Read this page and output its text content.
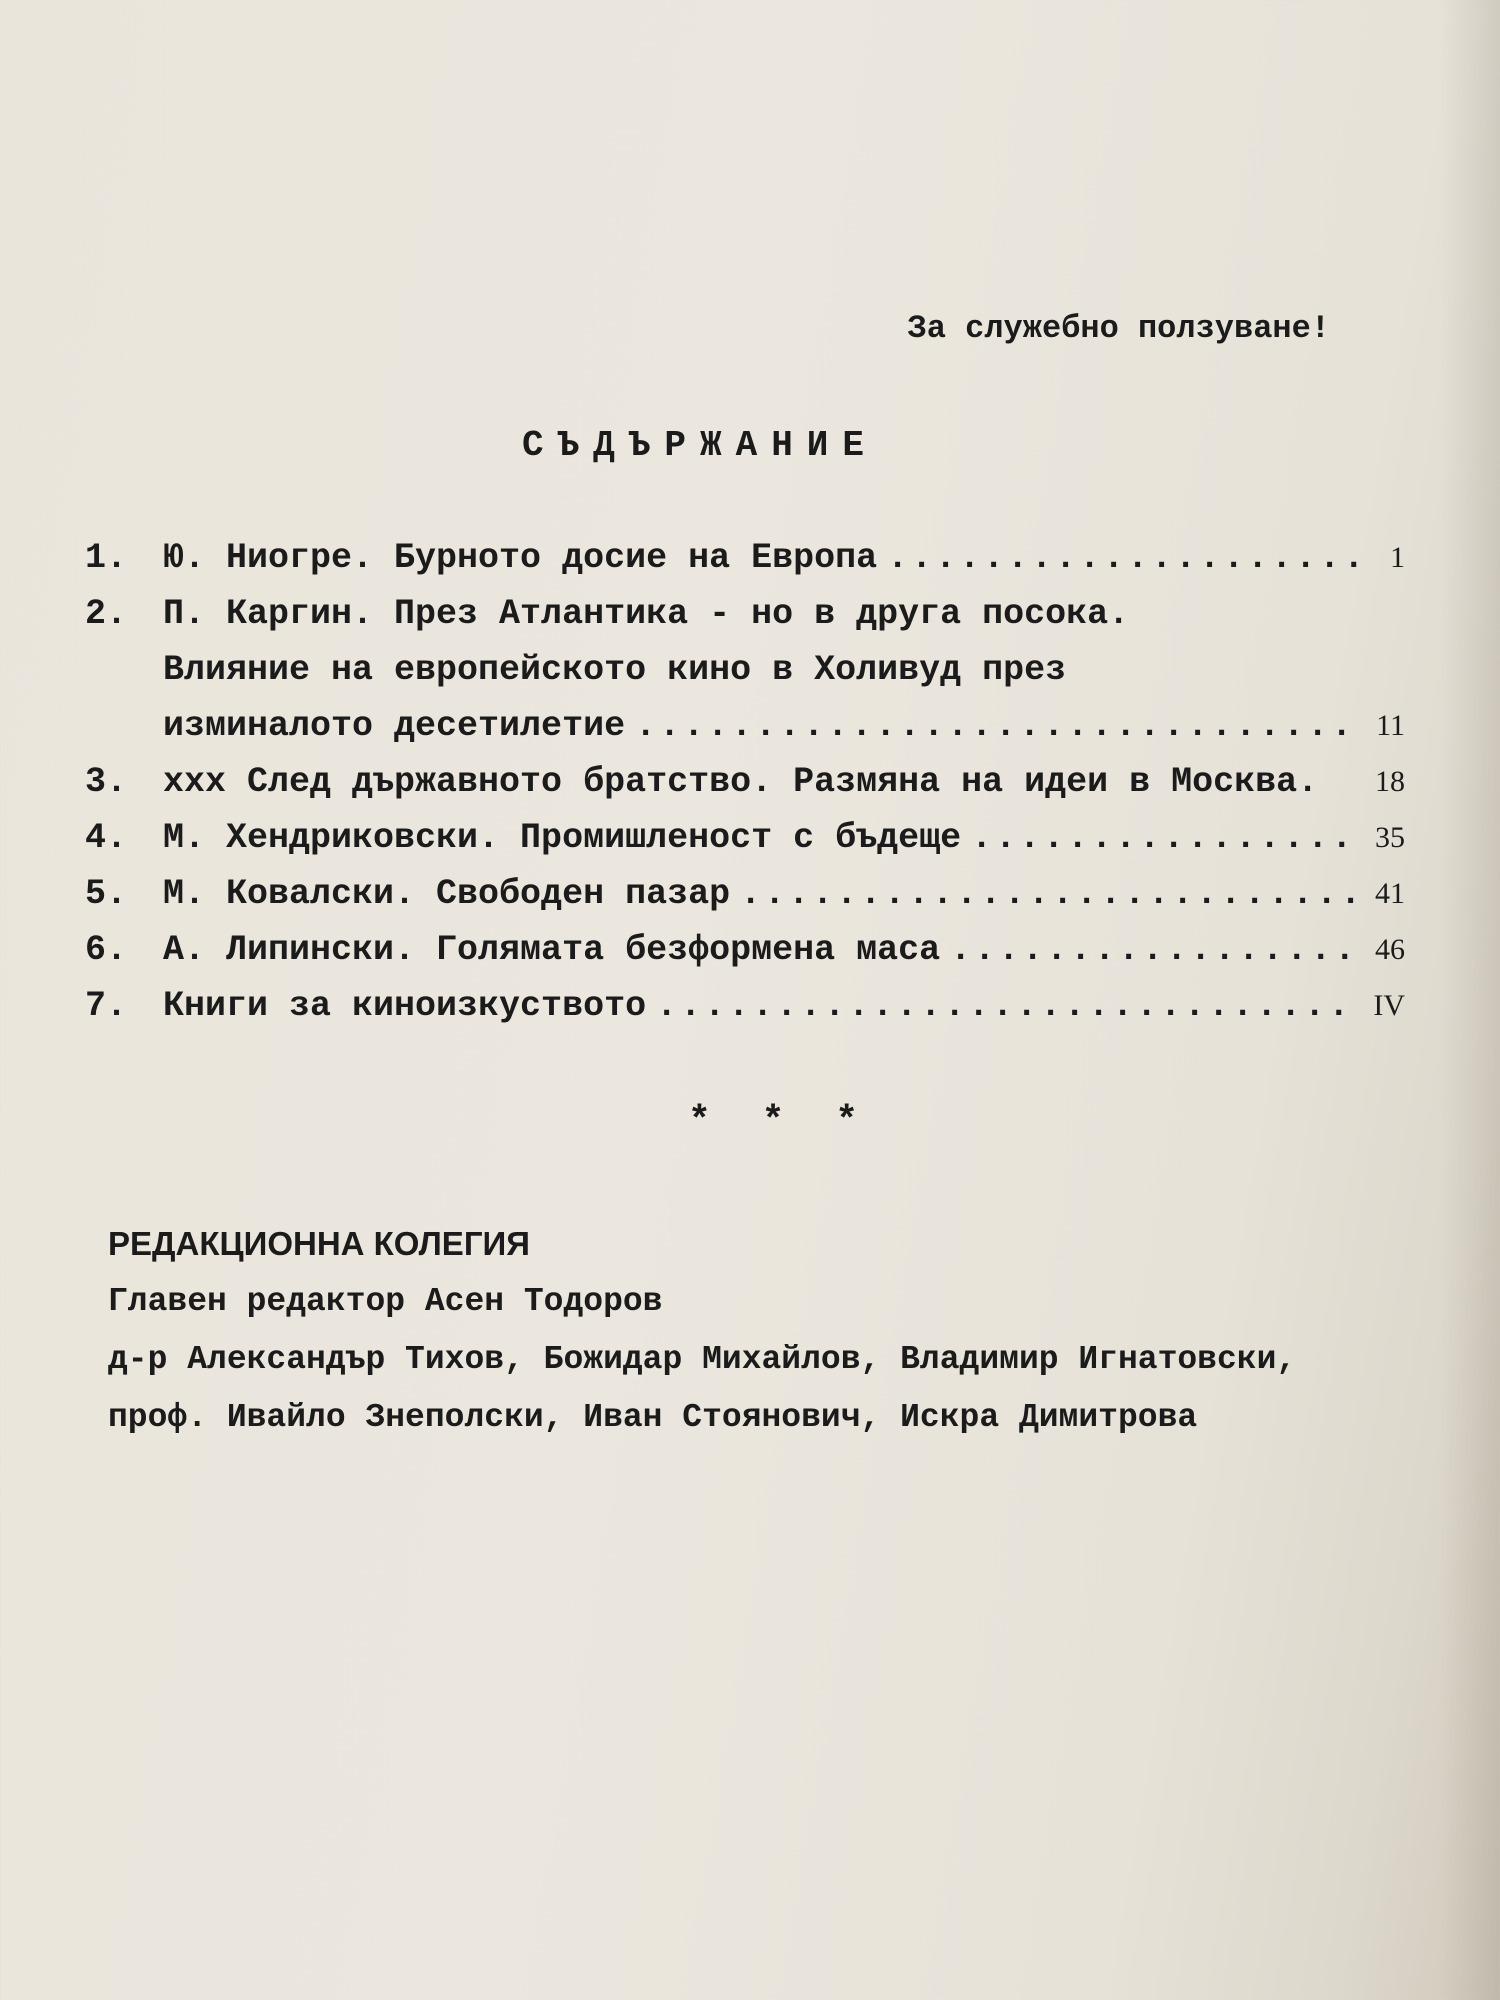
За служебно ползуване!
СЪДЪРЖАНИЕ
1.	Ю. Ниогре. Бурното досие на Европа .....	1
2.	П. Каргин. През Атлантика - но в друга посока.
Влияние на европейското кино в Холивуд през
изминалото десетилетие .....	11
3.	ххх След държавното братство. Размяна на идеи в Москва.	18
4.	М. Хендриковски. Промишленост с бъдеще .....	35
5.	М. Ковалски. Свободен пазар .....	41
6.	А. Липински. Голямата безформена маса .....	46
7.	Книги за киноизкуството .....	IV
* * *
РЕДАКЦИОННА КОЛЕГИЯ
Главен редактор Асен Тодоров
д-р Александър Тихов, Божидар Михайлов, Владимир Игнатовски,
проф. Ивайло Знеполски, Иван Стоянович, Искра Димитрова
